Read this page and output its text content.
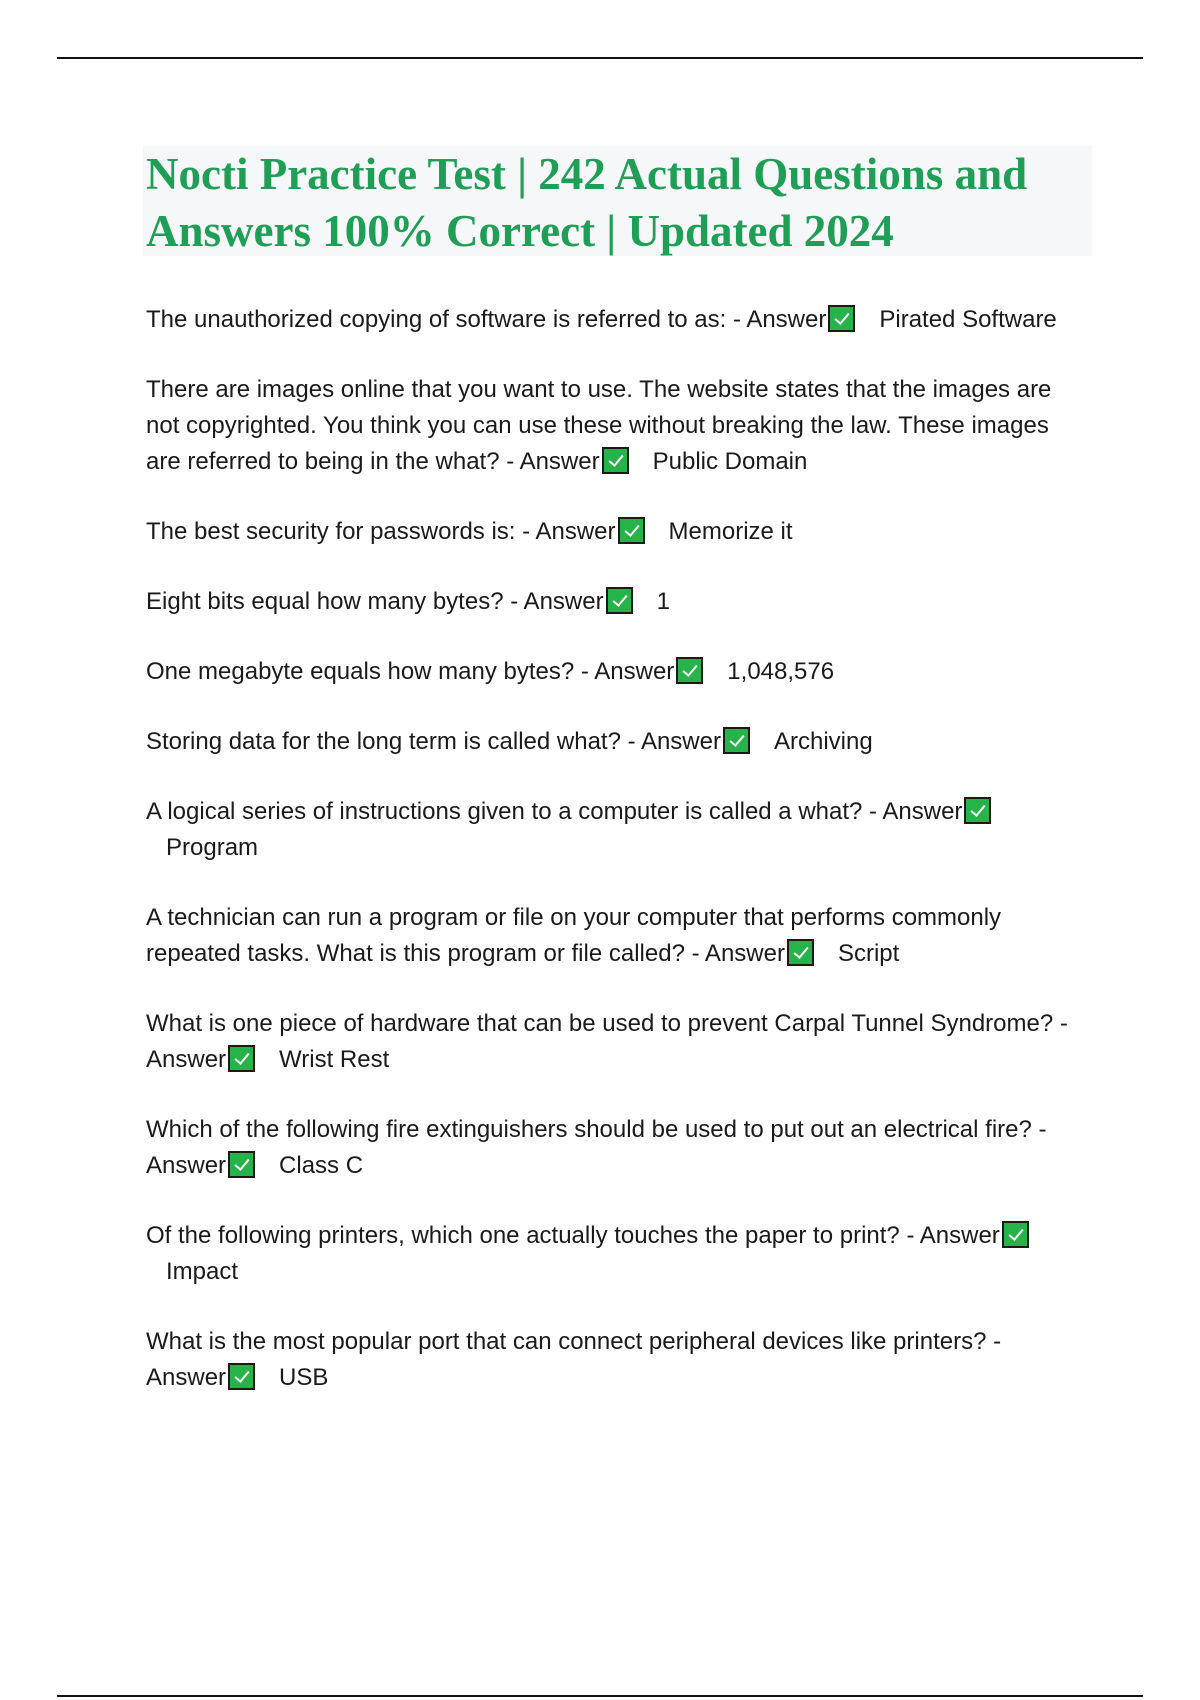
Nocti Practice Test | 242 Actual Questions and Answers 100% Correct | Updated 2024
The unauthorized copying of software is referred to as: - Answer Pirated Software
There are images online that you want to use. The website states that the images are not copyrighted. You think you can use these without breaking the law. These images are referred to being in the what? - Answer Public Domain
The best security for passwords is: - Answer Memorize it
Eight bits equal how many bytes? - Answer 1
One megabyte equals how many bytes? - Answer 1,048,576
Storing data for the long term is called what? - Answer Archiving
A logical series of instructions given to a computer is called a what? - AnswerProgram
A technician can run a program or file on your computer that performs commonly repeated tasks. What is this program or file called? - Answer Script
What is one piece of hardware that can be used to prevent Carpal Tunnel Syndrome? - Answer Wrist Rest
Which of the following fire extinguishers should be used to put out an electrical fire? - Answer Class C
Of the following printers, which one actually touches the paper to print? - AnswerImpact
What is the most popular port that can connect peripheral devices like printers? - Answer USB
